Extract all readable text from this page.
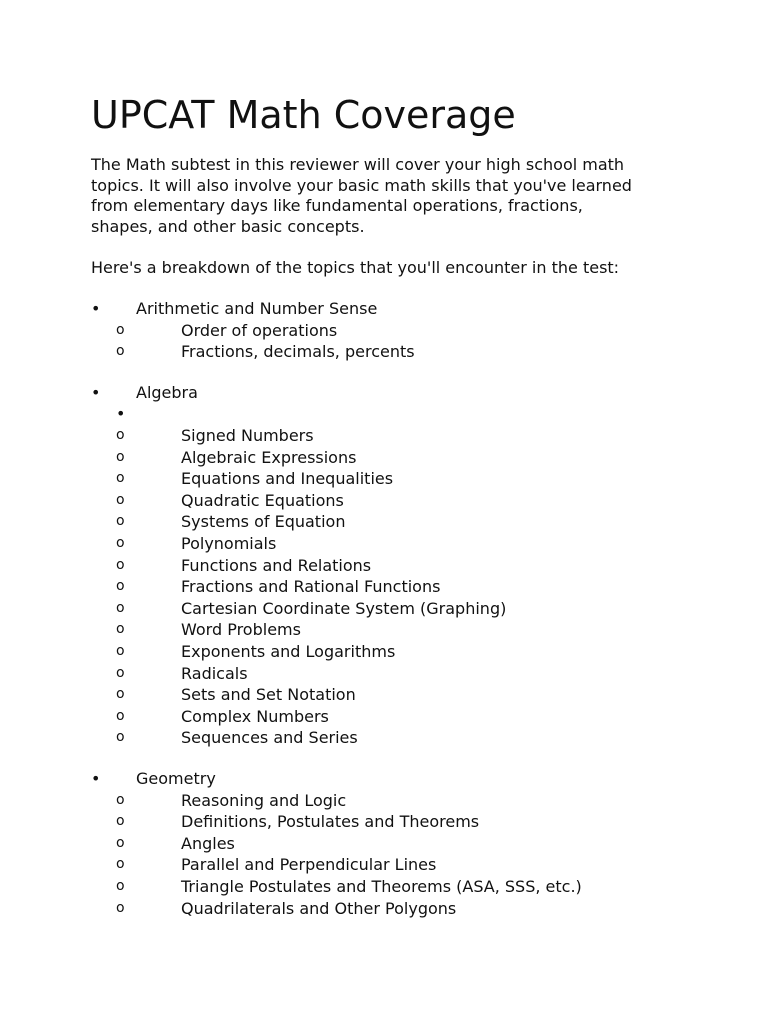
UPCAT Math Coverage

The Math subtest in this reviewer will cover your high school math
topics. It will also involve your basic math skills that you've learned
from elementary days like fundamental operations, fractions,
shapes, and other basic concepts.

Here's a breakdown of the topics that you'll encounter in the test:

• Arithmetic and Number Sense
o	Order of operations
o	Fractions, decimals, percents
• Algebra
•
o	Signed Numbers
o	Algebraic Expressions
o	Equations and Inequalities
o	Quadratic Equations
o	Systems of Equation
o	Polynomials
o	Functions and Relations
o	Fractions and Rational Functions
o	Cartesian Coordinate System (Graphing)
o	Word Problems
o	Exponents and Logarithms
o	Radicals
o	Sets and Set Notation
o	Complex Numbers
o	Sequences and Series
• Geometry
o	Reasoning and Logic
o	Definitions, Postulates and Theorems
o	Angles
o	Parallel and Perpendicular Lines
o	Triangle Postulates and Theorems (ASA, SSS, etc.)
o	Quadrilaterals and Other Polygons
